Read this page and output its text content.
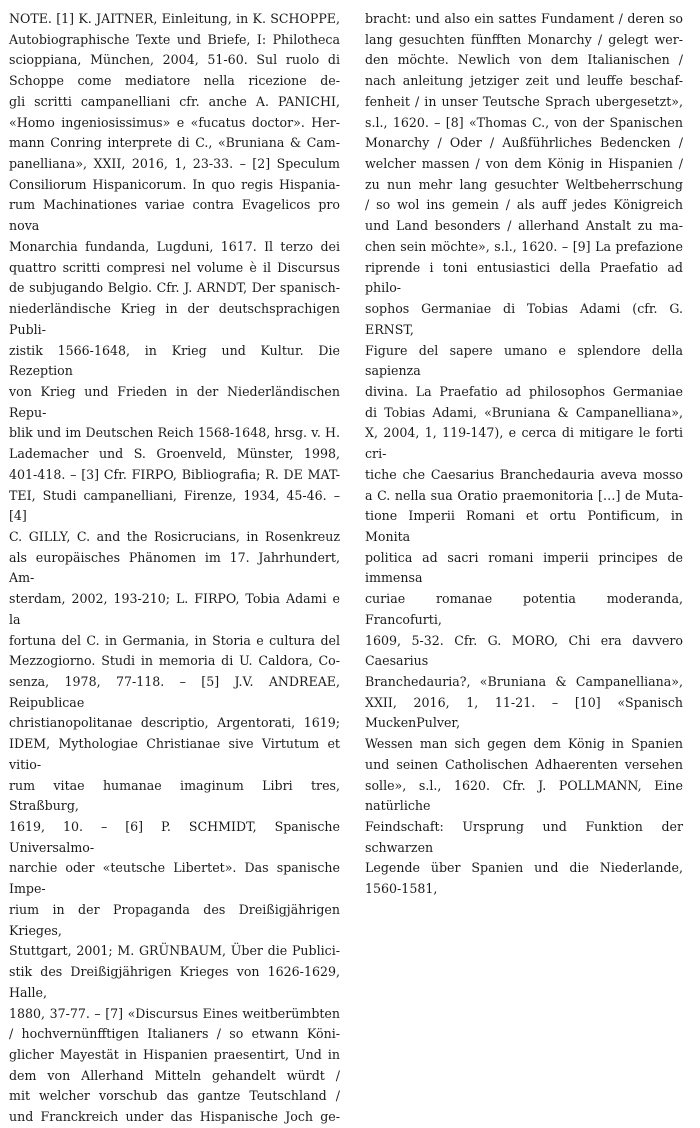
NOTE. [1] K. JAITNER, Einleitung, in K. SCHOPPE,
Autobiographische Texte und Briefe, I: Philotheca
scioppiana, München, 2004, 51-60. Sul ruolo di
Schoppe come mediatore nella ricezione de-
gli scritti campanelliani cfr. anche A. PANICHI,
«Homo ingeniosissimus» e «fucatus doctor». Her-
mann Conring interprete di C., «Bruniana & Cam-
panelliana», XXII, 2016, 1, 23-33. – [2] Speculum
Consiliorum Hispanicorum. In quo regis Hispania-
rum Machinationes variae contra Evagelicos pro nova
Monarchia fundanda, Lugduni, 1617. Il terzo dei
quattro scritti compresi nel volume è il Discursus
de subjugando Belgio. Cfr. J. ARNDT, Der spanisch-
niederländische Krieg in der deutschsprachigen Publi-
zistik 1566-1648, in Krieg und Kultur. Die Rezeption
von Krieg und Frieden in der Niederländischen Repu-
blik und im Deutschen Reich 1568-1648, hrsg. v. H.
Lademacher und S. Groenveld, Münster, 1998,
401-418. – [3] Cfr. FIRPO, Bibliografia; R. DE MAT-
TEI, Studi campanelliani, Firenze, 1934, 45-46. – [4]
C. GILLY, C. and the Rosicrucians, in Rosenkreuz
als europäisches Phänomen im 17. Jahrhundert, Am-
sterdam, 2002, 193-210; L. FIRPO, Tobia Adami e la
fortuna del C. in Germania, in Storia e cultura del
Mezzogiorno. Studi in memoria di U. Caldora, Co-
senza, 1978, 77-118. – [5] J.V. ANDREAE, Reipublicae
christianopolitanae descriptio, Argentorati, 1619;
IDEM, Mythologiae Christianae sive Virtutum et vitio-
rum vitae humanae imaginum Libri tres, Straßburg,
1619, 10. – [6] P. SCHMIDT, Spanische Universalmo-
narchie oder «teutsche Libertet». Das spanische Impe-
rium in der Propaganda des Dreißigjährigen Krieges,
Stuttgart, 2001; M. GRÜNBAUM, Über die Publici-
stik des Dreißigjährigen Krieges von 1626-1629, Halle,
1880, 37-77. – [7] «Discursus Eines weitberümbten
/ hochvernünfftigen Italianers / so etwann Köni-
glicher Mayestät in Hispanien praesentirt, Und in
dem von Allerhand Mitteln gehandelt würdt /
mit welcher vorschub das gantze Teutschland /
und Franckreich under das Hispanische Joch ge-
bracht: und also ein sattes Fundament / deren so
lang gesuchten fünfften Monarchy / gelegt wer-
den möchte. Newlich von dem Italianischen /
nach anleitung jetziger zeit und leuffe beschaf-
fenheit / in unser Teutsche Sprach ubergesetzt»,
s.l., 1620. – [8] «Thomas C., von der Spanischen
Monarchy / Oder / Außführliches Bedencken /
welcher massen / von dem König in Hispanien /
zu nun mehr lang gesuchter Weltbeherrschung
/ so wol ins gemein / als auff jedes Königreich
und Land besonders / allerhand Anstalt zu ma-
chen sein möchte», s.l., 1620. – [9] La prefazione
riprende i toni entusiastici della Praefatio ad philo-
sophos Germaniae di Tobias Adami (cfr. G. ERNST,
Figure del sapere umano e splendore della sapienza
divina. La Praefatio ad philosophos Germaniae
di Tobias Adami, «Bruniana & Campanelliana»,
X, 2004, 1, 119-147), e cerca di mitigare le forti cri-
tiche che Caesarius Branchedauria aveva mosso
a C. nella sua Oratio praemonitoria […] de Muta-
tione Imperii Romani et ortu Pontificum, in Monita
politica ad sacri romani imperii principes de immensa
curiae romanae potentia moderanda, Francofurti,
1609, 5-32. Cfr. G. MORO, Chi era davvero Caesarius
Branchedauria?, «Bruniana & Campanelliana»,
XXII, 2016, 1, 11-21. – [10] «Spanisch MuckenPulver,
Wessen man sich gegen dem König in Spanien
und seinen Catholischen Adhaerenten versehen
solle», s.l., 1620. Cfr. J. POLLMANN, Eine natürliche
Feindschaft: Ursprung und Funktion der schwarzen
Legende über Spanien und die Niederlande, 1560-1581,
